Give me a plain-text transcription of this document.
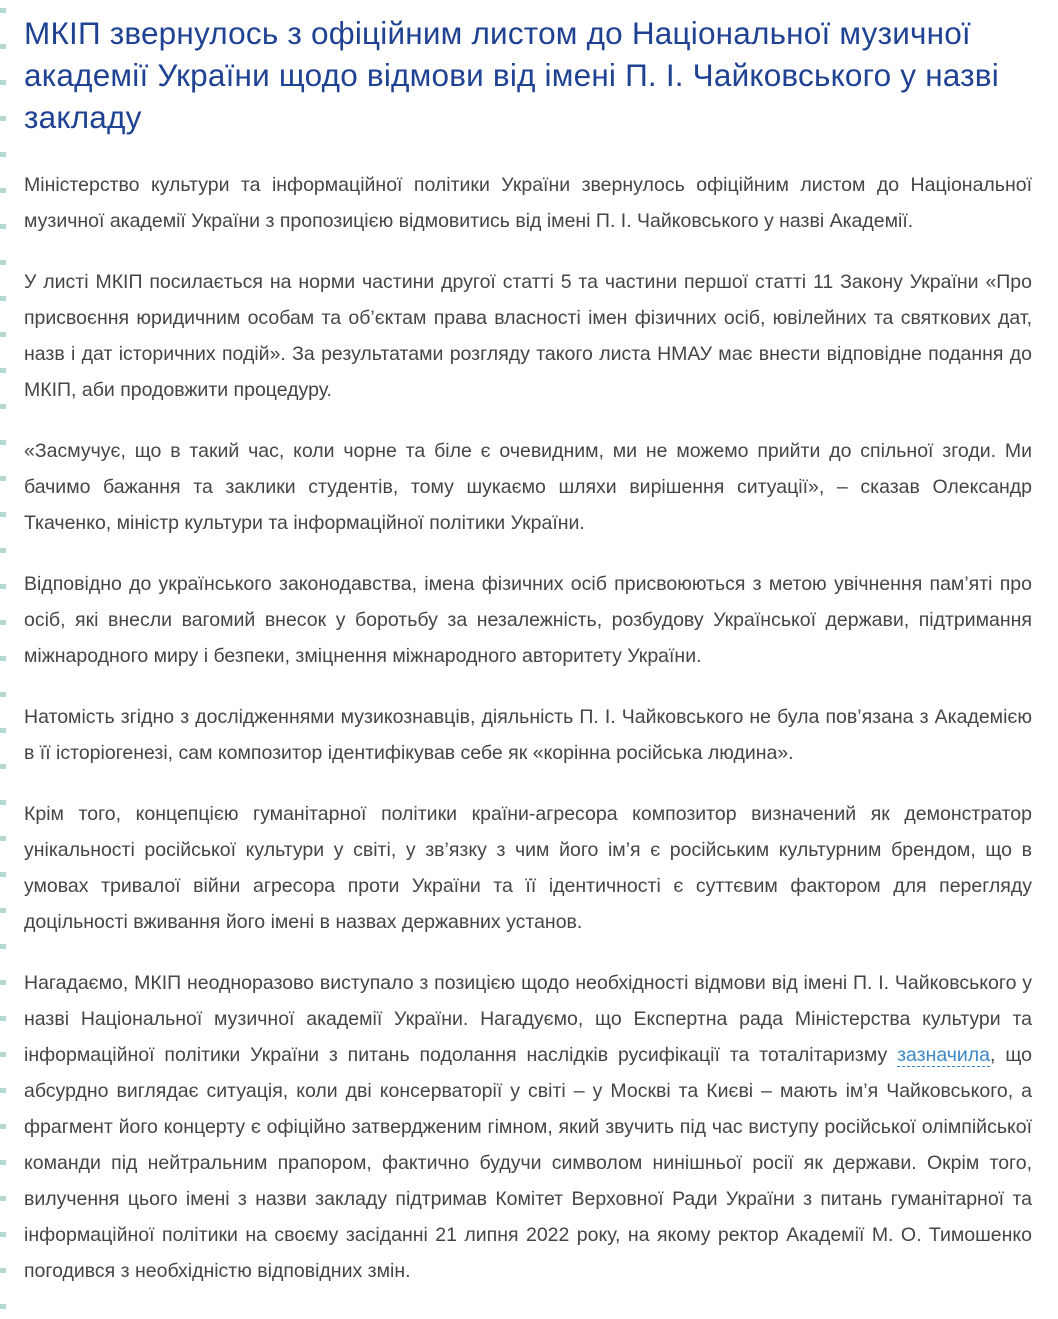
МКІП звернулось з офіційним листом до Національної музичної академії України щодо відмови від імені П. І. Чайковського у назві закладу

Міністерство культури та інформаційної політики України звернулось офіційним листом до Національної музичної академії України з пропозицією відмовитись від імені П. І. Чайковського у назві Академії.

У листі МКІП посилається на норми частини другої статті 5 та частини першої статті 11 Закону України «Про присвоєння юридичним особам та об’єктам права власності імен фізичних осіб, ювілейних та святкових дат, назв і дат історичних подій». За результатами розгляду такого листа НМАУ має внести відповідне подання до МКІП, аби продовжити процедуру.

«Засмучує, що в такий час, коли чорне та біле є очевидним, ми не можемо прийти до спільної згоди. Ми бачимо бажання та заклики студентів, тому шукаємо шляхи вирішення ситуації», – сказав Олександр Ткаченко, міністр культури та інформаційної політики України.

Відповідно до українського законодавства, імена фізичних осіб присвоюються з метою увічнення пам’яті про осіб, які внесли вагомий внесок у боротьбу за незалежність, розбудову Української держави, підтримання міжнародного миру і безпеки, зміцнення міжнародного авторитету України.

Натомість згідно з дослідженнями музикознавців, діяльність П. І. Чайковського не була пов’язана з Академією в її історіогенезі, сам композитор ідентифікував себе як «корінна російська людина».

Крім того, концепцією гуманітарної політики країни-агресора композитор визначений як демонстратор унікальності російської культури у світі, у зв’язку з чим його ім’я є російським культурним брендом, що в умовах тривалої війни агресора проти України та її ідентичності є суттєвим фактором для перегляду доцільності вживання його імені в назвах державних установ.

Нагадаємо, МКІП неодноразово виступало з позицією щодо необхідності відмови від імені П. І. Чайковського у назві Національної музичної академії України. Нагадуємо, що Експертна рада Міністерства культури та інформаційної політики України з питань подолання наслідків русифікації та тоталітаризму зазначила, що абсурдно виглядає ситуація, коли дві консерваторії у світі – у Москві та Києві – мають ім’я Чайковського, а фрагмент його концерту є офіційно затвердженим гімном, який звучить під час виступу російської олімпійської команди під нейтральним прапором, фактично будучи символом нинішньої росії як держави. Окрім того, вилучення цього імені з назви закладу підтримав Комітет Верховної Ради України з питань гуманітарної та інформаційної політики на своєму засіданні 21 липня 2022 року, на якому ректор Академії М. О. Тимошенко погодився з необхідністю відповідних змін.
